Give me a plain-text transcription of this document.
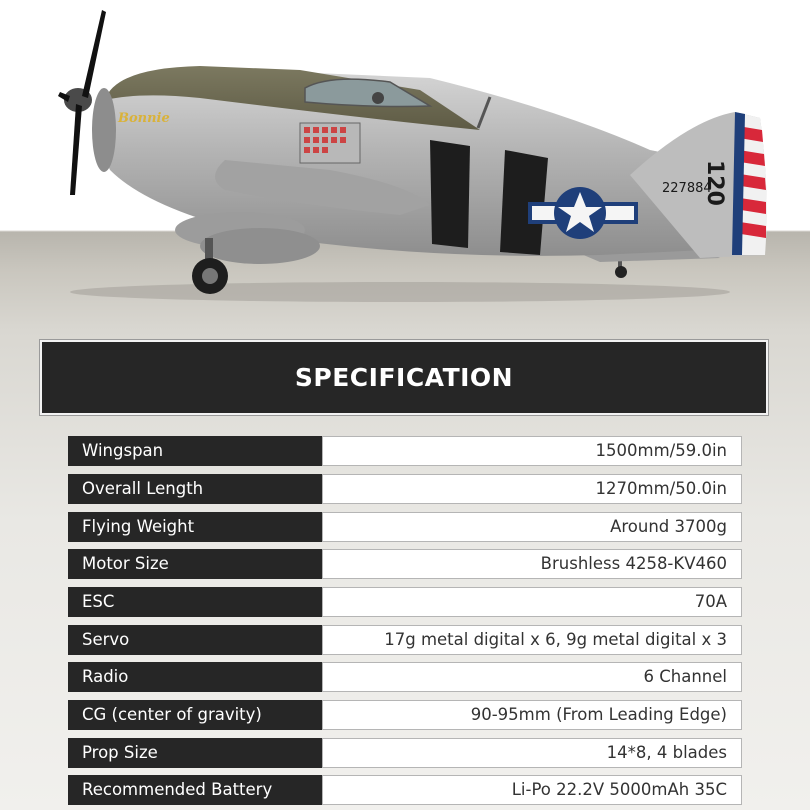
120
227884
Bonnie
SPECIFICATION
Wingspan	1500mm/59.0in
Overall Length	1270mm/50.0in
Flying Weight	Around 3700g
Motor Size	Brushless 4258-KV460
ESC	70A
Servo	17g metal digital x 6, 9g metal digital x 3
Radio	6 Channel
CG (center of gravity)	90-95mm (From Leading Edge)
Prop Size	14*8, 4 blades
Recommended Battery	Li-Po 22.2V 5000mAh 35C
